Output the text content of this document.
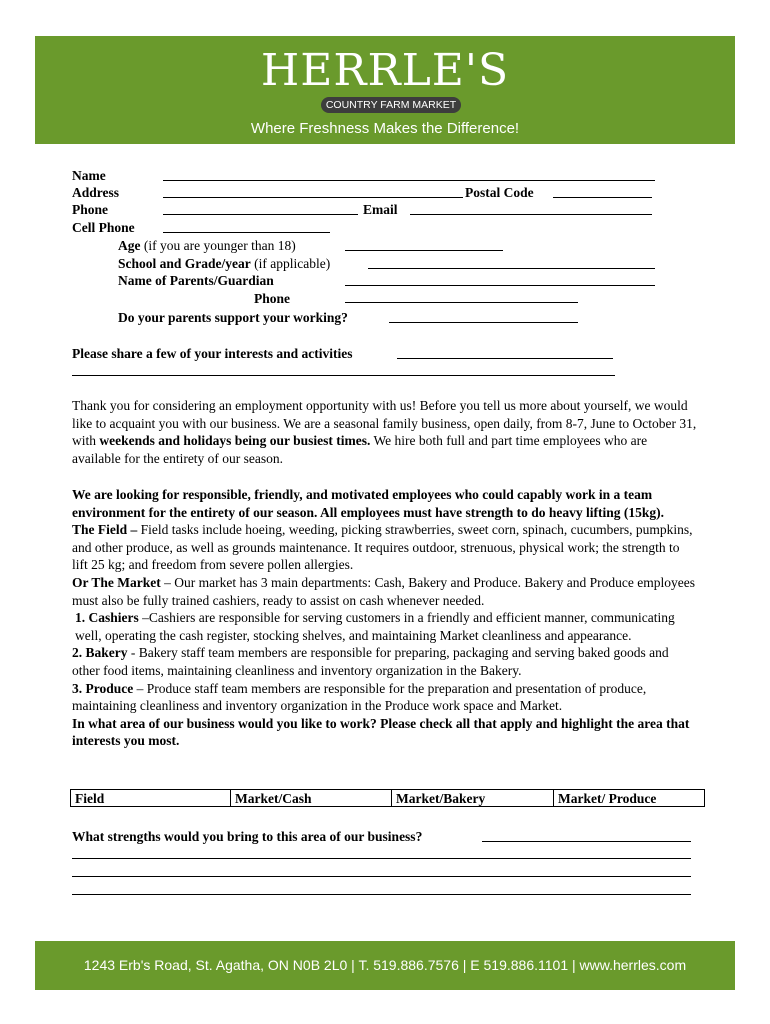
HERRLE'S
COUNTRY FARM MARKET
Where Freshness Makes the Difference!
Name
Address	Postal Code
Phone	Email
Cell Phone
Age (if you are younger than 18)
School and Grade/year (if applicable)
Name of Parents/Guardian
Phone
Do your parents support your working?
Please share a few of your interests and activities
Thank you for considering an employment opportunity with us! Before you tell us more about yourself, we would like to acquaint you with our business. We are a seasonal family business, open daily, from 8-7, June to October 31, with weekends and holidays being our busiest times. We hire both full and part time employees who are available for the entirety of our season.
We are looking for responsible, friendly, and motivated employees who could capably work in a team environment for the entirety of our season. All employees must have strength to do heavy lifting (15kg).
The Field – Field tasks include hoeing, weeding, picking strawberries, sweet corn, spinach, cucumbers, pumpkins, and other produce, as well as grounds maintenance. It requires outdoor, strenuous, physical work; the strength to lift 25 kg; and freedom from severe pollen allergies.
Or The Market – Our market has 3 main departments: Cash, Bakery and Produce. Bakery and Produce employees must also be fully trained cashiers, ready to assist on cash whenever needed.
1. Cashiers –Cashiers are responsible for serving customers in a friendly and efficient manner, communicating well, operating the cash register, stocking shelves, and maintaining Market cleanliness and appearance.
2. Bakery - Bakery staff team members are responsible for preparing, packaging and serving baked goods and other food items, maintaining cleanliness and inventory organization in the Bakery.
3. Produce – Produce staff team members are responsible for the preparation and presentation of produce, maintaining cleanliness and inventory organization in the Produce work space and Market.
In what area of our business would you like to work? Please check all that apply and highlight the area that interests you most.
Field	Market/Cash	Market/Bakery	Market/ Produce
What strengths would you bring to this area of our business?
1243 Erb's Road, St. Agatha, ON N0B 2L0 | T. 519.886.7576 | E 519.886.1101 | www.herrles.com
